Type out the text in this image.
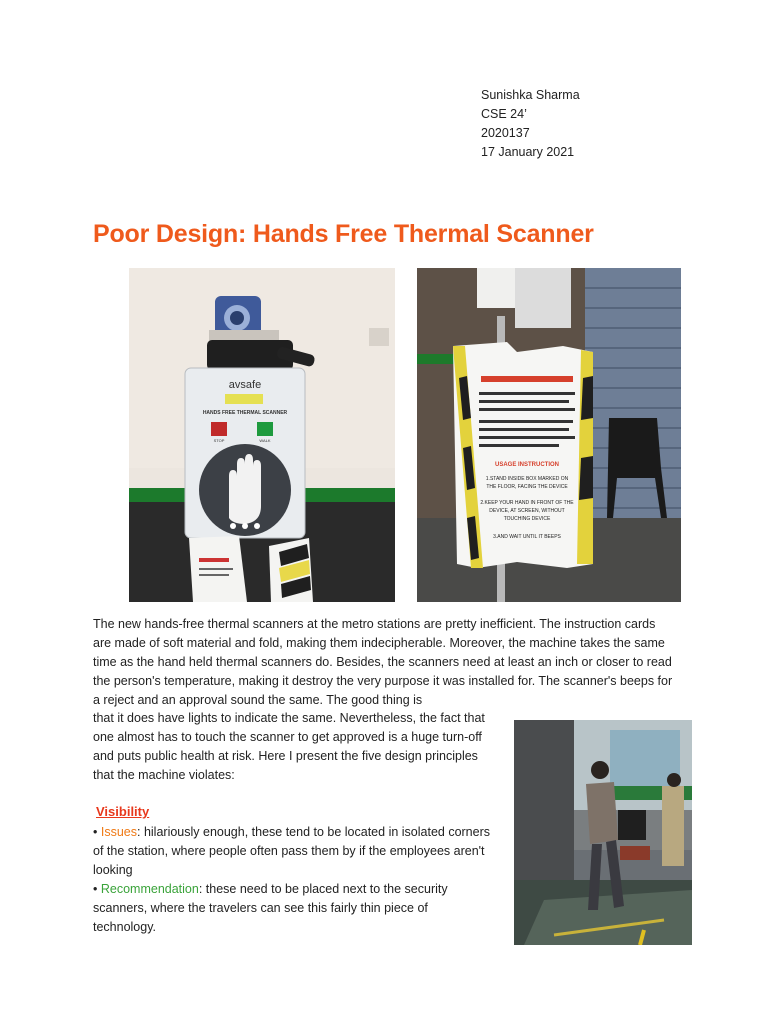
Sunishka Sharma
CSE 24’
2020137
17 January 2021
Poor Design: Hands Free Thermal Scanner
avsafe
HANDS FREE THERMAL SCANNER
STOP	WALK
USAGE INSTRUCTION
1.STAND INSIDE BOX MARKED ON
THE FLOOR, FACING THE DEVICE
2.KEEP YOUR HAND IN FRONT OF THE
DEVICE, AT SCREEN, WITHOUT
TOUCHING DEVICE
3.AND WAIT UNTIL IT BEEPS
The new hands-free thermal scanners at the metro stations are pretty inefficient. The instruction cards are made of soft material and fold, making them indecipherable. Moreover, the machine takes the same time as the hand held thermal scanners do. Besides, the scanners need at least an inch or closer to read the person's temperature, making it destroy the very purpose it was installed for. The scanner's beeps for a reject and an approval sound the same. The good thing is
that it does have lights to indicate the same. Nevertheless, the fact that one almost has to touch the scanner to get approved is a huge turn-off and puts public health at risk. Here I present the five design principles that the machine violates:
Visibility
• Issues: hilariously enough, these tend to be located in isolated corners of the station, where people often pass them by if the employees aren't looking
• Recommendation: these need to be placed next to the security scanners, where the travelers can see this fairly thin piece of technology.
